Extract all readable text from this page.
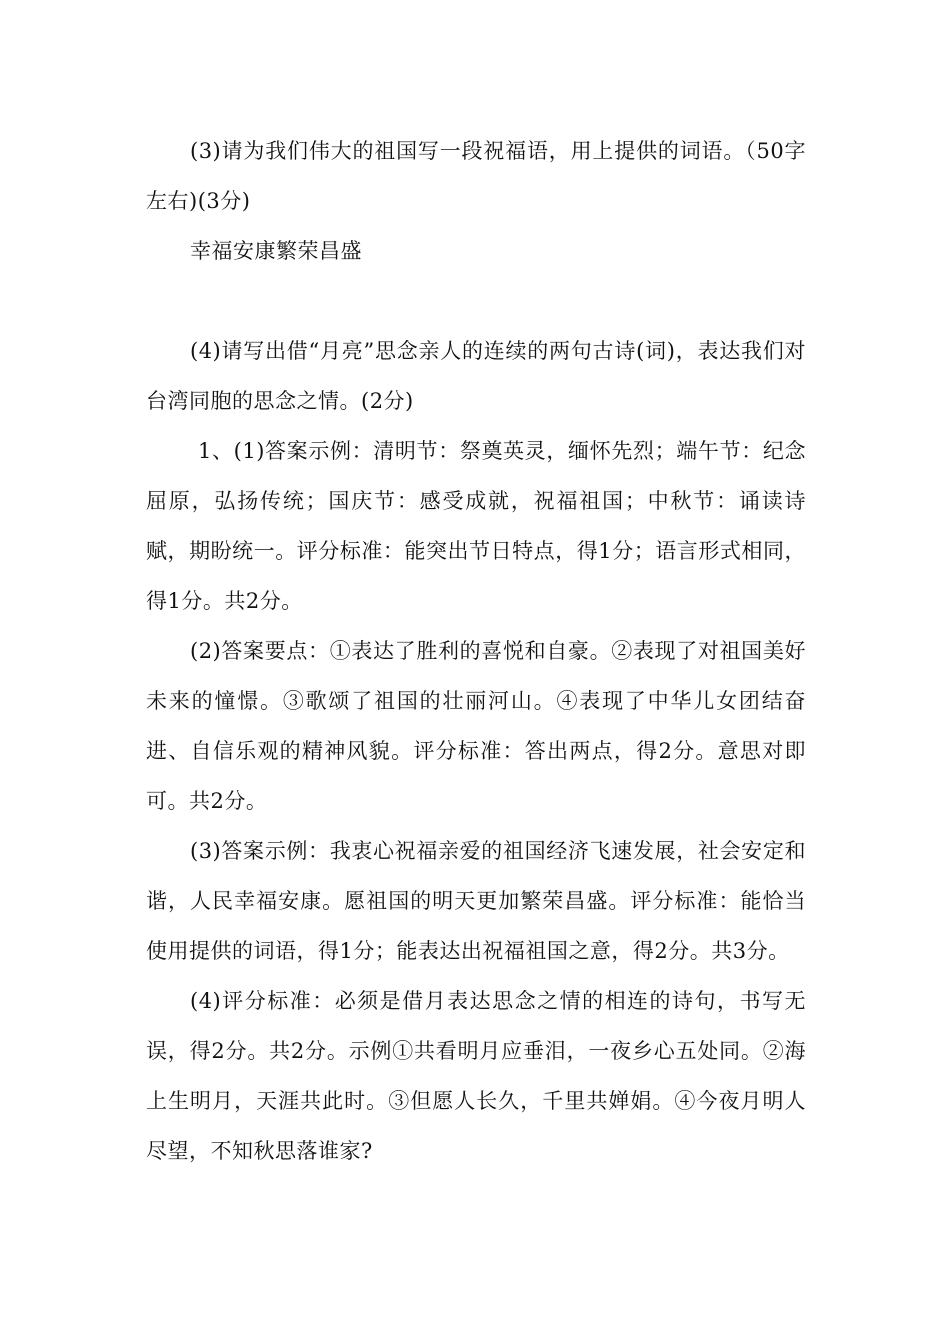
(3)请为我们伟大的祖国写一段祝福语，用上提供的词语。（50字左右)(3分)

幸福安康繁荣昌盛

(4)请写出借“月亮”思念亲人的连续的两句古诗(词)，表达我们对台湾同胞的思念之情。(2分)

1、(1)答案示例：清明节：祭奠英灵，缅怀先烈；端午节：纪念屈原，弘扬传统；国庆节：感受成就，祝福祖国；中秋节：诵读诗赋，期盼统一。评分标准：能突出节日特点，得1分；语言形式相同，得1分。共2分。

(2)答案要点：①表达了胜利的喜悦和自豪。②表现了对祖国美好未来的憧憬。③歌颂了祖国的壮丽河山。④表现了中华儿女团结奋进、自信乐观的精神风貌。评分标准：答出两点，得2分。意思对即可。共2分。

(3)答案示例：我衷心祝福亲爱的祖国经济飞速发展，社会安定和谐，人民幸福安康。愿祖国的明天更加繁荣昌盛。评分标准：能恰当使用提供的词语，得1分；能表达出祝福祖国之意，得2分。共3分。

(4)评分标准：必须是借月表达思念之情的相连的诗句，书写无误，得2分。共2分。示例①共看明月应垂泪，一夜乡心五处同。②海上生明月，天涯共此时。③但愿人长久，千里共婵娟。④今夜月明人尽望，不知秋思落谁家?
